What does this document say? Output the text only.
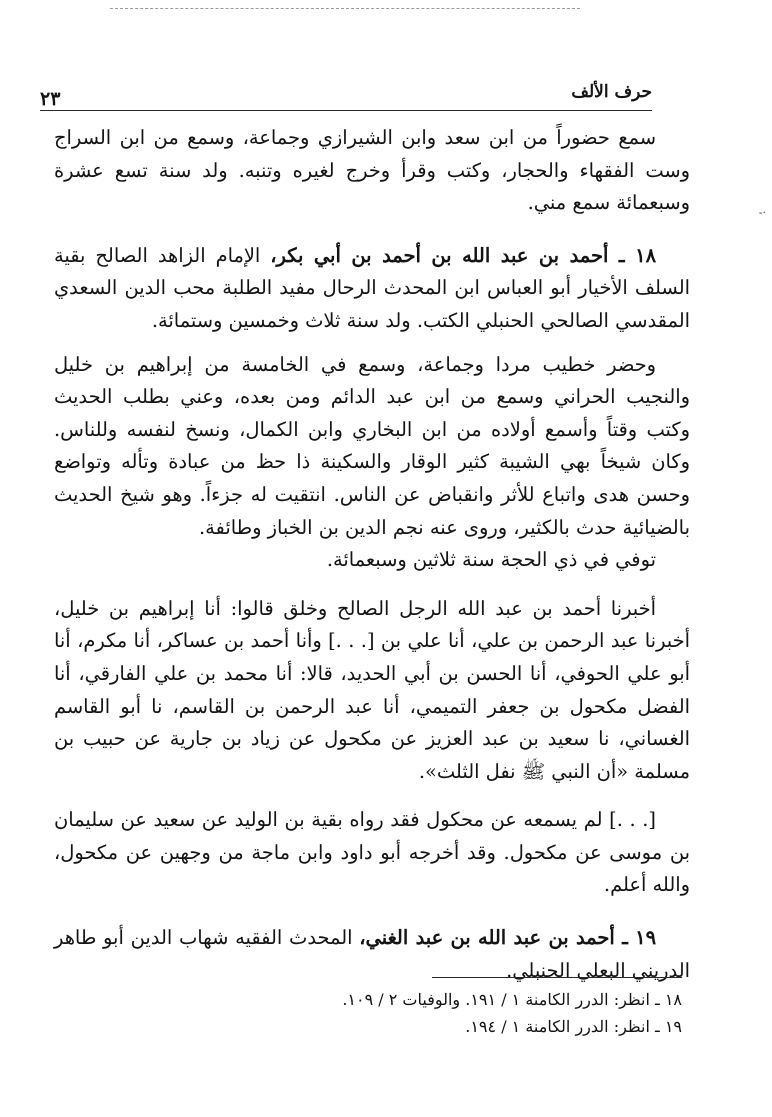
حرف الألف
٢٣
-·

سمع حضوراً من ابن سعد وابن الشيرازي وجماعة، وسمع من ابن السراج وست الفقهاء والحجار، وكتب وقرأ وخرج لغيره وتنبه. ولد سنة تسع عشرة وسبعمائة سمع مني.

١٨ ـ أحمد بن عبد الله بن أحمد بن أبي بكر، الإمام الزاهد الصالح بقية السلف الأخيار أبو العباس ابن المحدث الرحال مفيد الطلبة محب الدين السعدي المقدسي الصالحي الحنبلي الكتب. ولد سنة ثلاث وخمسين وستمائة.

وحضر خطيب مردا وجماعة، وسمع في الخامسة من إبراهيم بن خليل والنجيب الحراني وسمع من ابن عبد الدائم ومن بعده، وعني بطلب الحديث وكتب وقتاً وأسمع أولاده من ابن البخاري وابن الكمال، ونسخ لنفسه وللناس. وكان شيخاً بهي الشيبة كثير الوقار والسكينة ذا حظ من عبادة وتأله وتواضع وحسن هدى واتباع للأثر وانقباض عن الناس. انتقيت له جزءاً. وهو شيخ الحديث بالضيائية حدث بالكثير، وروى عنه نجم الدين بن الخباز وطائفة.

توفي في ذي الحجة سنة ثلاثين وسبعمائة.

أخبرنا أحمد بن عبد الله الرجل الصالح وخلق قالوا: أنا إبراهيم بن خليل، أخبرنا عبد الرحمن بن علي، أنا علي بن [. . .] وأنا أحمد بن عساكر، أنا مكرم، أنا أبو علي الحوفي، أنا الحسن بن أبي الحديد، قالا: أنا محمد بن علي الفارقي، أنا الفضل مكحول بن جعفر التميمي، أنا عبد الرحمن بن القاسم، نا أبو القاسم الغساني، نا سعيد بن عبد العزيز عن مكحول عن زياد بن جارية عن حبيب بن مسلمة «أن النبي ﷺ نفل الثلث».

[. . .] لم يسمعه عن محكول فقد رواه بقية بن الوليد عن سعيد عن سليمان بن موسى عن مكحول. وقد أخرجه أبو داود وابن ماجة من وجهين عن مكحول، والله أعلم.

١٩ ـ أحمد بن عبد الله بن عبد الغني، المحدث الفقيه شهاب الدين أبو طاهر الدريني البعلي الحنبلي.

١٨ ـ انظر: الدرر الكامنة ١ / ١٩١. والوفيات ٢ / ١٠٩.

١٩ ـ انظر: الدرر الكامنة ١ / ١٩٤.
